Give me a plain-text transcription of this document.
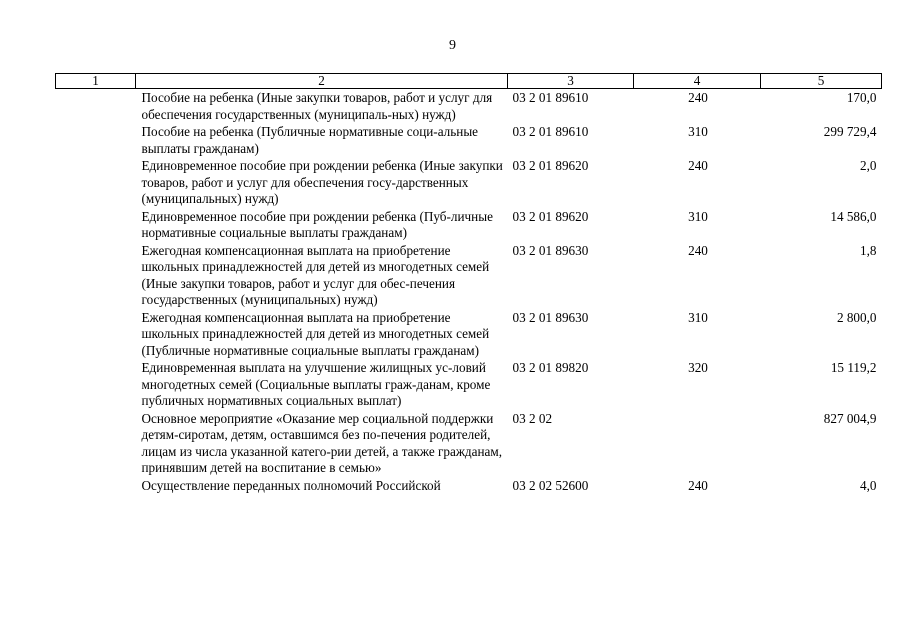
9
1	2	3	4	5
	Пособие на ребенка (Иные закупки товаров, работ и услуг для обеспечения государственных (муниципаль-ных) нужд)	03 2 01 89610	240	170,0
	Пособие на ребенка (Публичные нормативные соци-альные выплаты гражданам)	03 2 01 89610	310	299 729,4
	Единовременное пособие при рождении ребенка (Иные закупки товаров, работ и услуг для обеспечения госу-дарственных (муниципальных) нужд)	03 2 01 89620	240	2,0
	Единовременное пособие при рождении ребенка (Пуб-личные нормативные социальные выплаты гражданам)	03 2 01 89620	310	14 586,0
	Ежегодная компенсационная выплата на приобретение школьных принадлежностей для детей из многодетных семей (Иные закупки товаров, работ и услуг для обес-печения государственных (муниципальных) нужд)	03 2 01 89630	240	1,8
	Ежегодная компенсационная выплата на приобретение школьных принадлежностей для детей из многодетных семей (Публичные нормативные социальные выплаты гражданам)	03 2 01 89630	310	2 800,0
	Единовременная выплата на улучшение жилищных ус-ловий многодетных семей (Социальные выплаты граж-данам, кроме публичных нормативных социальных выплат)	03 2 01 89820	320	15 119,2
	Основное мероприятие «Оказание мер социальной поддержки детям-сиротам, детям, оставшимся без по-печения родителей, лицам из числа указанной катего-рии детей, а также гражданам, принявшим детей на воспитание в семью»	03 2 02		827 004,9
	Осуществление переданных полномочий Российской	03 2 02 52600	240	4,0
